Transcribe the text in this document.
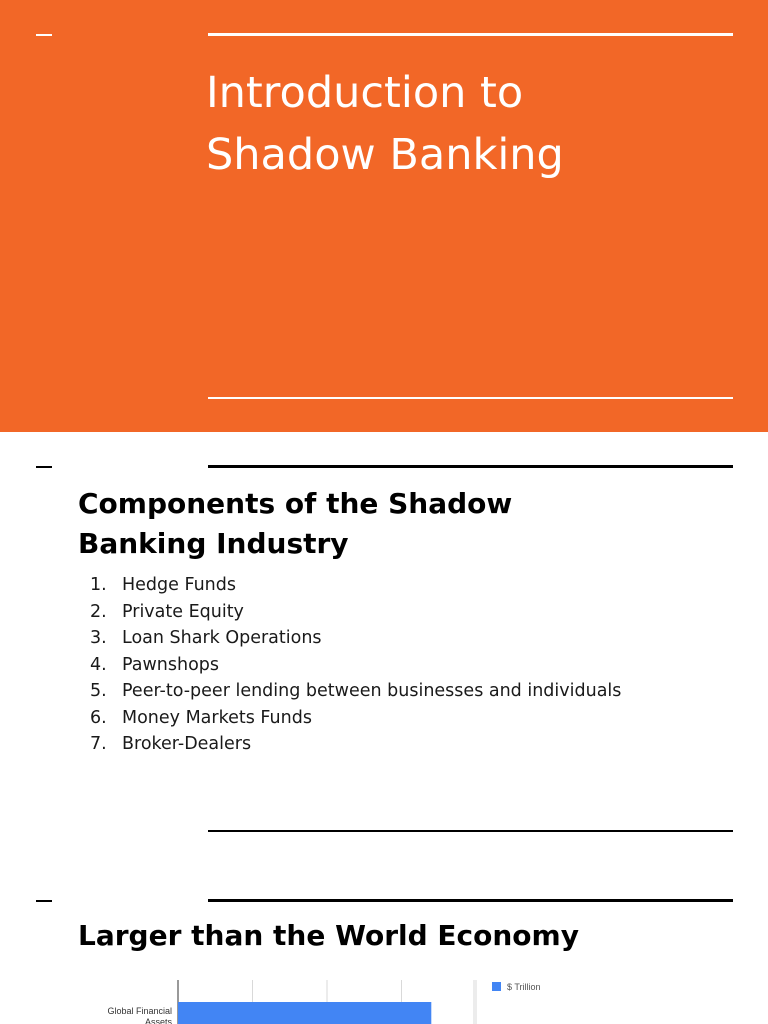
Introduction to
Shadow Banking
Components of the Shadow
Banking Industry
1. Hedge Funds
2. Private Equity
3. Loan Shark Operations
4. Pawnshops
5. Peer-to-peer lending between businesses and individuals
6. Money Markets Funds
7. Broker-Dealers
Larger than the World Economy
Global Financial Assets
$ Trillion
